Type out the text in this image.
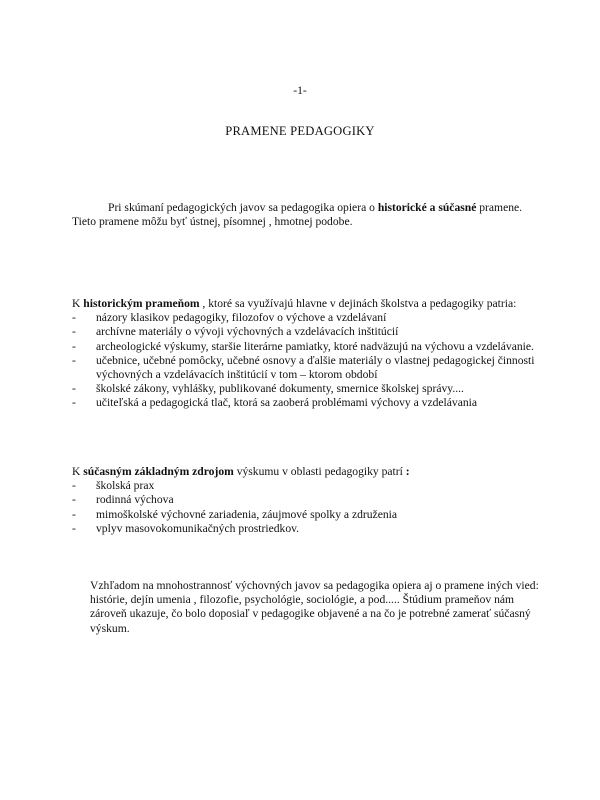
-1-
PRAMENE PEDAGOGIKY

Pri skúmaní pedagogických javov sa pedagogika opiera o historické a súčasné pramene.

Tieto pramene môžu byť ústnej, písomnej , hmotnej podobe.

K historickým prameňom , ktoré sa využívajú hlavne v dejinách školstva a pedagogiky patria:

-
názory klasikov pedagogiky, filozofov o výchove a vzdelávaní
-
archívne materiály o vývoji výchovných a vzdelávacích inštitúcií
-
archeologické výskumy, staršie literárne pamiatky, ktoré nadväzujú na výchovu a vzdelávanie.
-
učebnice, učebné pomôcky, učebné osnovy a ďalšie materiály o vlastnej pedagogickej činnosti výchovných a vzdelávacích inštitúcií v tom – ktorom období
-
školské zákony, vyhlášky, publikované dokumenty, smernice školskej správy....
-
učiteľská a pedagogická tlač, ktorá sa zaoberá problémami výchovy a vzdelávania

K súčasným základným zdrojom výskumu v oblasti pedagogiky patrí :

-
školská prax
-
rodinná výchova
-
mimoškolské výchovné zariadenia, záujmové spolky a združenia
-
vplyv masovokomunikačných prostriedkov.

Vzhľadom na mnohostrannosť výchovných javov sa pedagogika opiera aj o pramene iných vied: histórie, dejín umenia , filozofie, psychológie, sociológie, a pod..... Štúdium prameňov nám zároveň ukazuje, čo bolo doposiaľ v pedagogike objavené a na čo je potrebné zamerať súčasný výskum.
